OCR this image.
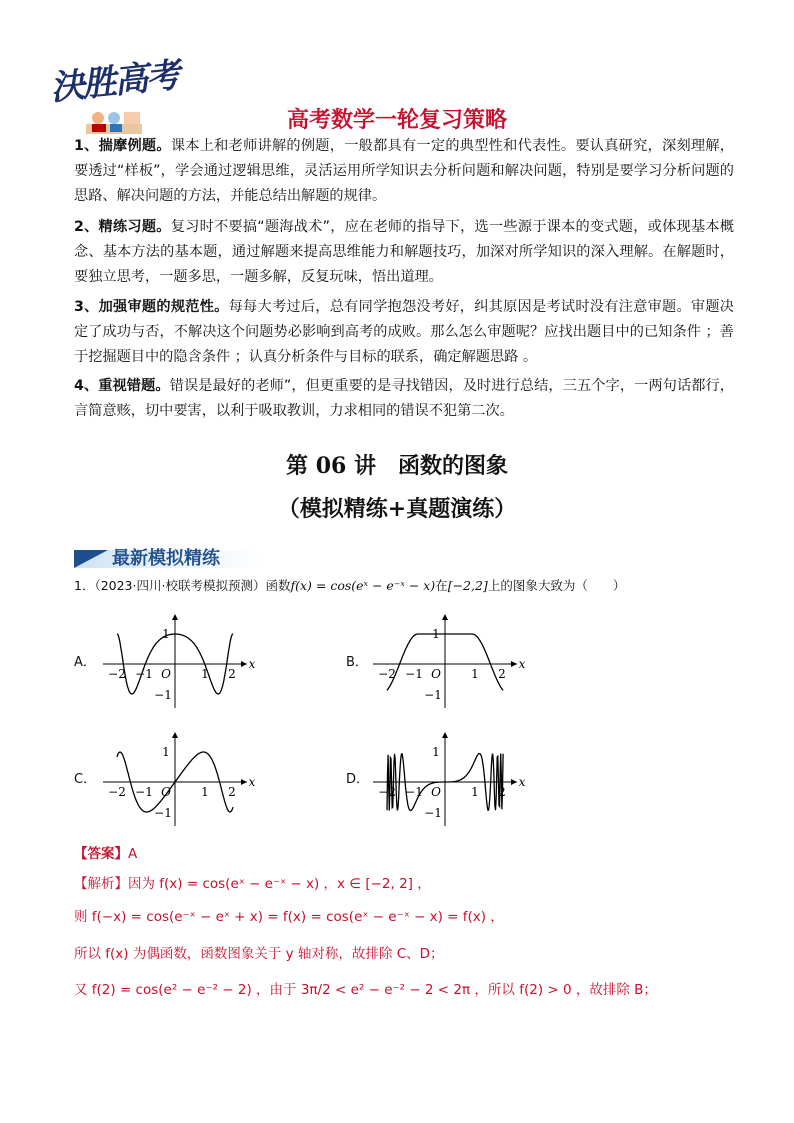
決胜高考
高考数学一轮复习策略
1、揣摩例题。课本上和老师讲解的例题，一般都具有一定的典型性和代表性。要认真研究，深刻理解，要透过“样板”，学会通过逻辑思维，灵活运用所学知识去分析问题和解决问题，特别是要学习分析问题的思路、解决问题的方法，并能总结出解题的规律。
2、精练习题。复习时不要搞“题海战术”，应在老师的指导下，选一些源于课本的变式题，或体现基本概念、基本方法的基本题，通过解题来提高思维能力和解题技巧，加深对所学知识的深入理解。在解题时，要独立思考，一题多思，一题多解，反复玩味，悟出道理。
3、加强审题的规范性。每每大考过后，总有同学抱怨没考好，纠其原因是考试时没有注意审题。审题决定了成功与否，不解决这个问题势必影响到高考的成败。那么怎么审题呢？应找出题目中的已知条件 ；善于挖掘题目中的隐含条件 ；认真分析条件与目标的联系，确定解题思路 。
4、重视错题。错误是最好的老师”，但更重要的是寻找错因，及时进行总结，三五个字，一两句话都行，言简意赅，切中要害，以利于吸取教训，力求相同的错误不犯第二次。
第 06 讲　函数的图象
（模拟精练+真题演练）
最新模拟精练
1．（2023·四川·校联考模拟预测）函数f(x) = cos(eˣ − e⁻ˣ − x)在[−2,2]上的图象大致为（　　）
A．	B．
C．	D．
−2 −1 O	1 2
x
1
−1
−2 −1 O	1 2
x
1
−1
−2 −1 O	1 2
x
1
−1
−2 −1 O	1 2
x
1
−1
【答案】A
【解析】因为 f(x) = cos(eˣ − e⁻ˣ − x) ，x ∈ [−2, 2] ，
则 f(−x) = cos(e⁻ˣ − eˣ + x) = f(x) = cos(eˣ − e⁻ˣ − x) = f(x) ，
所以 f(x) 为偶函数，函数图象关于 y 轴对称，故排除 C、D；
又 f(2) = cos(e² − e⁻² − 2) ，由于 3π/2 < e² − e⁻² − 2 < 2π ，所以 f(2) > 0 ，故排除 B；
